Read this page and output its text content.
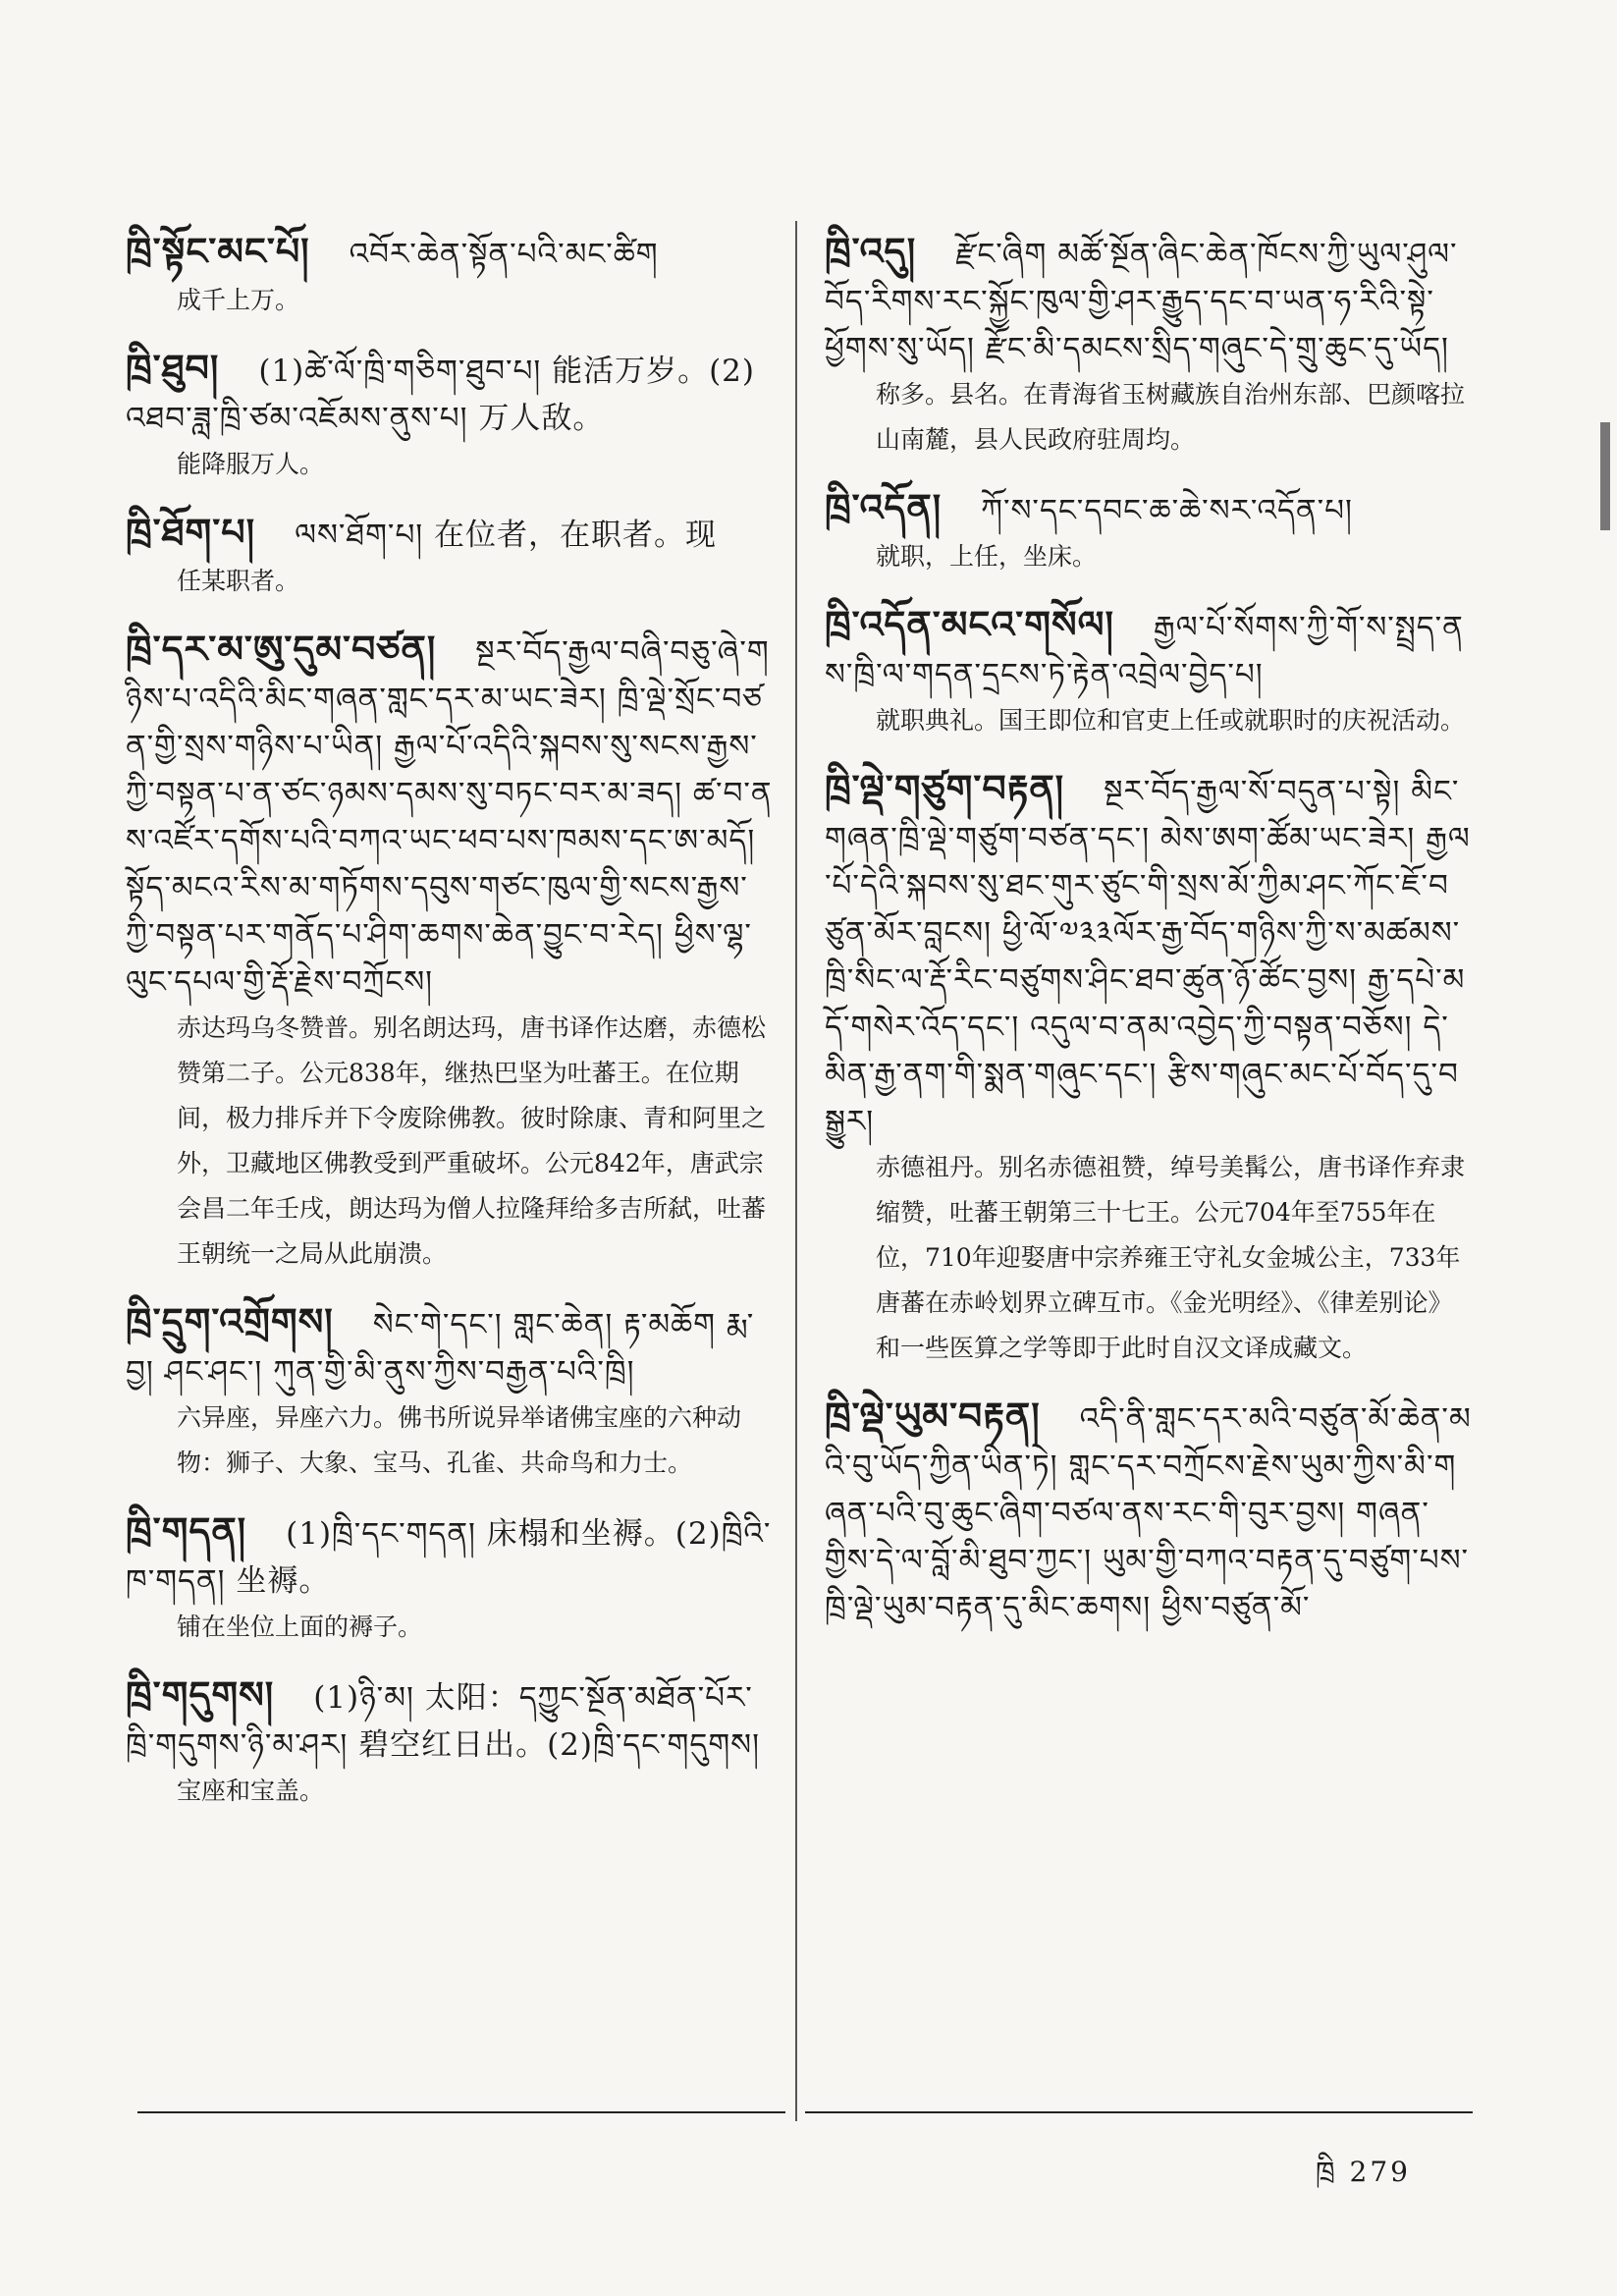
ཁྲི་སྟོང་མང་པོ། འབོར་ཆེན་སྟོན་པའི་མང་ཚིག
成千上万。
ཁྲི་ཐུབ། (1)ཚེ་ལོ་ཁྲི་གཅིག་ཐུབ་པ། 能活万岁。(2)འཐབ་ཟླ་ཁྲི་ཙམ་འཇོམས་ནུས་པ། 万人敌。
能降服万人。
ཁྲི་ཐོག་པ། ལས་ཐོག་པ། 在位者，在职者。现
任某职者。
ཁྲི་དར་མ་ཨུ་དུམ་བཙན། སྔར་བོད་རྒྱལ་བཞི་བཅུ་ཞེ་གཉིས་པ་འདིའི་མིང་གཞན་གླང་དར་མ་ཡང་ཟེར། ཁྲི་ལྡེ་སྲོང་བཙན་གྱི་སྲས་གཉིས་པ་ཡིན། རྒྱལ་པོ་འདིའི་སྐབས་སུ་སངས་རྒྱས་ཀྱི་བསྟན་པ་ན་ཙང་ཉམས་དམས་སུ་བཏང་བར་མ་ཟད། ཚ་བ་ནས་འཛོར་དགོས་པའི་བཀའ་ཡང་ཕབ་པས་ཁམས་དང་ཨ་མདོ། སྟོད་མངའ་རིས་མ་གཏོགས་དབུས་གཙང་ཁུལ་གྱི་སངས་རྒྱས་ཀྱི་བསྟན་པར་གནོད་པ་ཤིག་ཆགས་ཆེན་བྱུང་བ་རེད། ཕྱིས་ལྷ་ལུང་དཔལ་གྱི་རྡོ་རྗེས་བཀྲོངས།
赤达玛乌冬赞普。别名朗达玛，唐书译作达磨，赤德松赞第二子。公元838年，继热巴坚为吐蕃王。在位期间，极力排斥并下令废除佛教。彼时除康、青和阿里之外，卫藏地区佛教受到严重破坏。公元842年，唐武宗会昌二年壬戌，朗达玛为僧人拉隆拜给多吉所弑，吐蕃王朝统一之局从此崩溃。
ཁྲི་དྲུག་འགྲོགས། སེང་གེ་དང་། གླང་ཆེན། རྟ་མཆོག རྨ་བྱ། ཤང་ཤང་། ཀུན་གྱི་མི་ནུས་ཀྱིས་བརྒྱན་པའི་ཁྲི།
六异座，异座六力。佛书所说异举诸佛宝座的六种动物：狮子、大象、宝马、孔雀、共命鸟和力士。
ཁྲི་གདན། (1)ཁྲི་དང་གདན། 床榻和坐褥。(2)ཁྲིའི་ཁ་གདན། 坐褥。
铺在坐位上面的褥子。
ཁྲི་གདུགས། (1)ཉི་མ། 太阳：དཀྱུང་སྔོན་མཐོན་པོར་ཁྲི་གདུགས་ཉི་མ་ཤར། 碧空红日出。(2)ཁྲི་དང་གདུགས།
宝座和宝盖。
ཁྲི་འདུ། རྫོང་ཞིག མཚོ་སྔོན་ཞིང་ཆེན་ཁོངས་ཀྱི་ཡུལ་ཤུལ་བོད་རིགས་རང་སྐྱོང་ཁུལ་གྱི་ཤར་རྒྱུད་དང་བ་ཡན་ཧ་རིའི་སྟེ་ཕྱོགས་སུ་ཡོད། རྫོང་མི་དམངས་སྲིད་གཞུང་དེ་གྲུ་ཆུང་དུ་ཡོད།
称多。县名。在青海省玉树藏族自治州东部、巴颜喀拉山南麓，县人民政府驻周均。
ཁྲི་འདོན། ཀོ་ས་དང་དབང་ཆ་ཆེ་སར་འདོན་པ།
就职，上任，坐床。
ཁྲི་འདོན་མངའ་གསོལ། རྒྱལ་པོ་སོགས་ཀྱི་གོ་ས་སྤྲད་ནས་ཁྲི་ལ་གདན་དྲངས་ཏེ་རྟེན་འབྲེལ་བྱེད་པ།
就职典礼。国王即位和官吏上任或就职时的庆祝活动。
ཁྲི་ལྡེ་གཙུག་བརྟན། སྔར་བོད་རྒྱལ་སོ་བདུན་པ་སྟེ། མིང་གཞན་ཁྲི་ལྡེ་གཙུག་བཙན་དང་། མེས་ཨག་ཚོམ་ཡང་ཟེར། རྒྱལ་པོ་དེའི་སྐབས་སུ་ཐང་གུར་ཙུང་གི་སྲས་མོ་ཀྱིམ་ཤང་ཀོང་ཇོ་བཙུན་མོར་བླངས། ཕྱི་ལོ་༧༣༣ལོར་རྒྱ་བོད་གཉིས་ཀྱི་ས་མཚམས་ཁྲི་སིང་ལ་རྡོ་རིང་བཙུགས་ཤིང་ཐབ་ཚུན་ཉོ་ཚོང་བྱས། རྒྱ་དཔེ་མདོ་གསེར་འོད་དང་། འདུལ་བ་ནམ་འབྱེད་ཀྱི་བསྟན་བཅོས། དེ་མིན་རྒྱ་ནག་གི་སྨན་གཞུང་དང་། རྩིས་གཞུང་མང་པོ་བོད་དུ་བསྒྱུར།
赤德祖丹。别名赤德祖赞，绰号美髯公，唐书译作弃隶缩赞，吐蕃王朝第三十七王。公元704年至755年在位，710年迎娶唐中宗养雍王守礼女金城公主，733年唐蕃在赤岭划界立碑互市。《金光明经》、《律差别论》和一些医算之学等即于此时自汉文译成藏文。
ཁྲི་ལྡེ་ཡུམ་བརྟན། འདི་ནི་གླང་དར་མའི་བཙུན་མོ་ཆེན་མའི་བུ་ཡོད་ཀྱིན་ཡིན་ཏེ། གླང་དར་བཀྲོངས་རྗེས་ཡུམ་ཀྱིས་མི་གཞན་པའི་བུ་ཆུང་ཞིག་བཙལ་ནས་རང་གི་བུར་བྱས། གཞན་གྱིས་དེ་ལ་བློ་མི་ཐུབ་ཀྱང་། ཡུམ་གྱི་བཀའ་བརྟན་དུ་བཙུག་པས་ཁྲི་ལྡེ་ཡུམ་བརྟན་དུ་མིང་ཆགས། ཕྱིས་བཙུན་མོ་
ཁྲི 279
